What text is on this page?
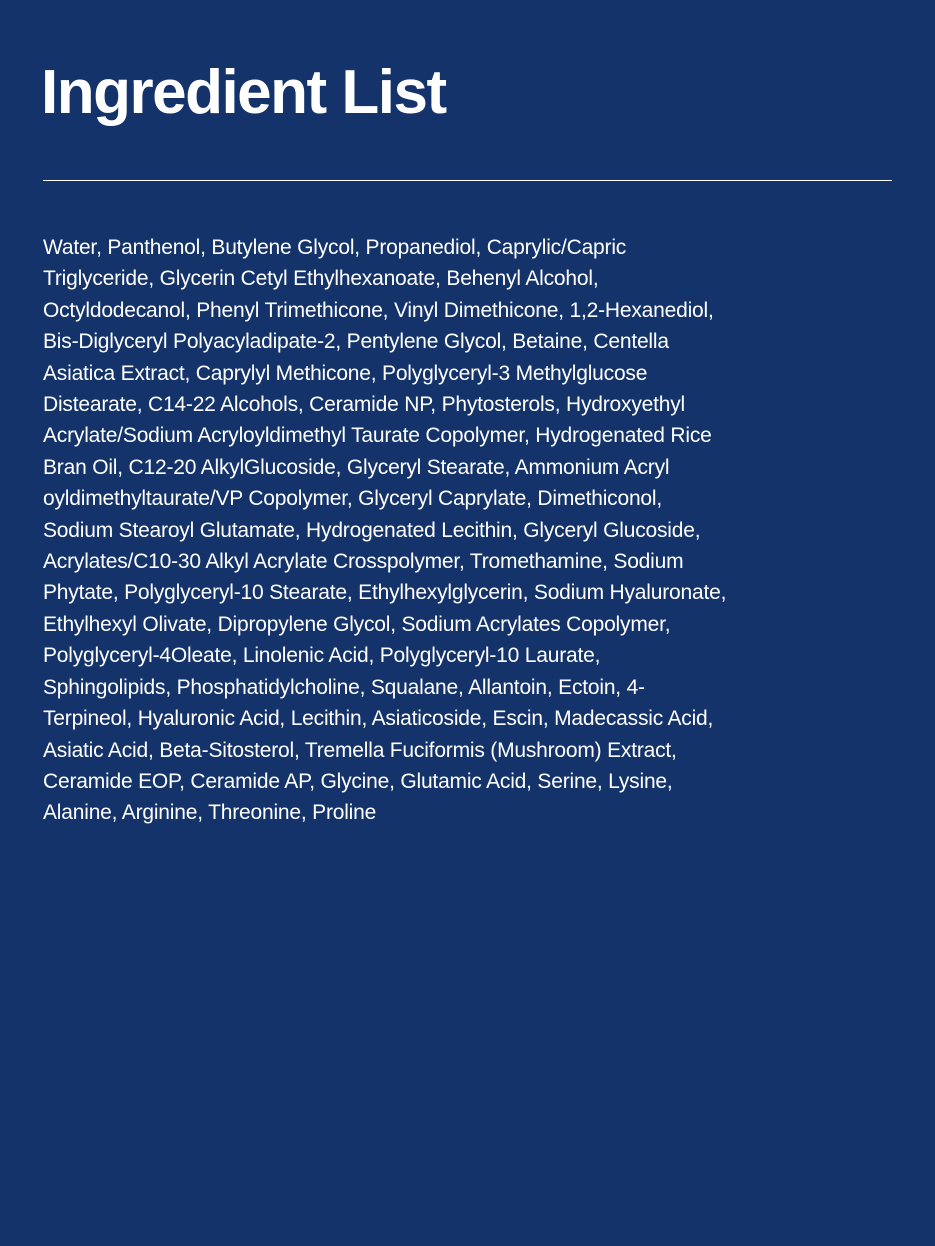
Ingredient List

Water, Panthenol, Butylene Glycol, Propanediol, Caprylic/Capric
Triglyceride, Glycerin Cetyl Ethylhexanoate, Behenyl Alcohol,
Octyldodecanol, Phenyl Trimethicone, Vinyl Dimethicone, 1,2-Hexanediol,
Bis-Diglyceryl Polyacyladipate-2, Pentylene Glycol, Betaine, Centella
Asiatica Extract, Caprylyl Methicone, Polyglyceryl-3 Methylglucose
Distearate, C14-22 Alcohols, Ceramide NP, Phytosterols, Hydroxyethyl
Acrylate/Sodium Acryloyldimethyl Taurate Copolymer, Hydrogenated Rice
Bran Oil, C12-20 AlkylGlucoside, Glyceryl Stearate, Ammonium Acryl
oyldimethyltaurate/VP Copolymer, Glyceryl Caprylate, Dimethiconol,
Sodium Stearoyl Glutamate, Hydrogenated Lecithin, Glyceryl Glucoside,
Acrylates/C10-30 Alkyl Acrylate Crosspolymer, Tromethamine, Sodium
Phytate, Polyglyceryl-10 Stearate, Ethylhexylglycerin, Sodium Hyaluronate,
Ethylhexyl Olivate, Dipropylene Glycol, Sodium Acrylates Copolymer,
Polyglyceryl-4Oleate, Linolenic Acid, Polyglyceryl-10 Laurate,
Sphingolipids, Phosphatidylcholine, Squalane, Allantoin, Ectoin, 4-
Terpineol, Hyaluronic Acid, Lecithin, Asiaticoside, Escin, Madecassic Acid,
Asiatic Acid, Beta-Sitosterol, Tremella Fuciformis (Mushroom) Extract,
Ceramide EOP, Ceramide AP, Glycine, Glutamic Acid, Serine, Lysine,
Alanine, Arginine, Threonine, Proline
